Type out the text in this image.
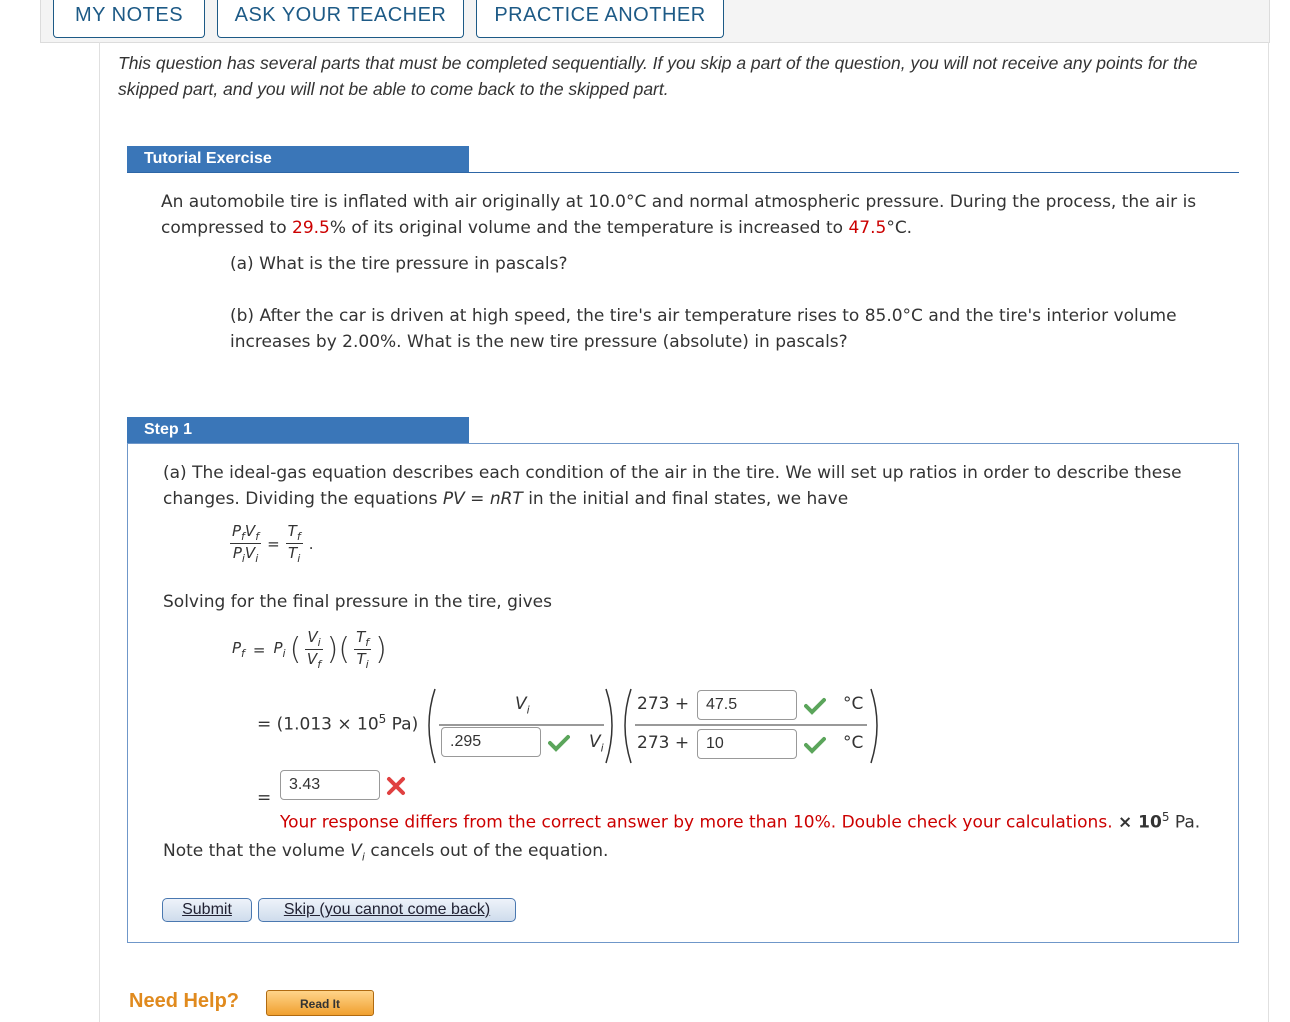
MY NOTES	ASK YOUR TEACHER	PRACTICE ANOTHER
This question has several parts that must be completed sequentially. If you skip a part of the question, you will not receive any points for the skipped part, and you will not be able to come back to the skipped part.
Tutorial Exercise
An automobile tire is inflated with air originally at 10.0°C and normal atmospheric pressure. During the process, the air is compressed to 29.5% of its original volume and the temperature is increased to 47.5°C.
(a) What is the tire pressure in pascals?
(b) After the car is driven at high speed, the tire's air temperature rises to 85.0°C and the tire's interior volume increases by 2.00%. What is the new tire pressure (absolute) in pascals?
Step 1
(a) The ideal-gas equation describes each condition of the air in the tire. We will set up ratios in order to describe these changes. Dividing the equations PV = nRT in the initial and final states, we have
$\frac{P_fV_f}{P_iV_i} = \frac{T_f}{T_i}$ .
Solving for the final pressure in the tire, gives
$P_f = P_i$ ( $\frac{V_i}{V_f}$ )( $\frac{T_f}{T_i}$ )
= ($1.013 \times 10^5$ Pa)
$V_i$
.295
$V_i$
273 +
47.5	°C
273 +
10	°C
=
3.43
Your response differs from the correct answer by more than 10%. Double check your calculations. × $10^5$ Pa.
Note that the volume $V_i$ cancels out of the equation.
Submit	Skip (you cannot come back)
Need Help?	Read It
